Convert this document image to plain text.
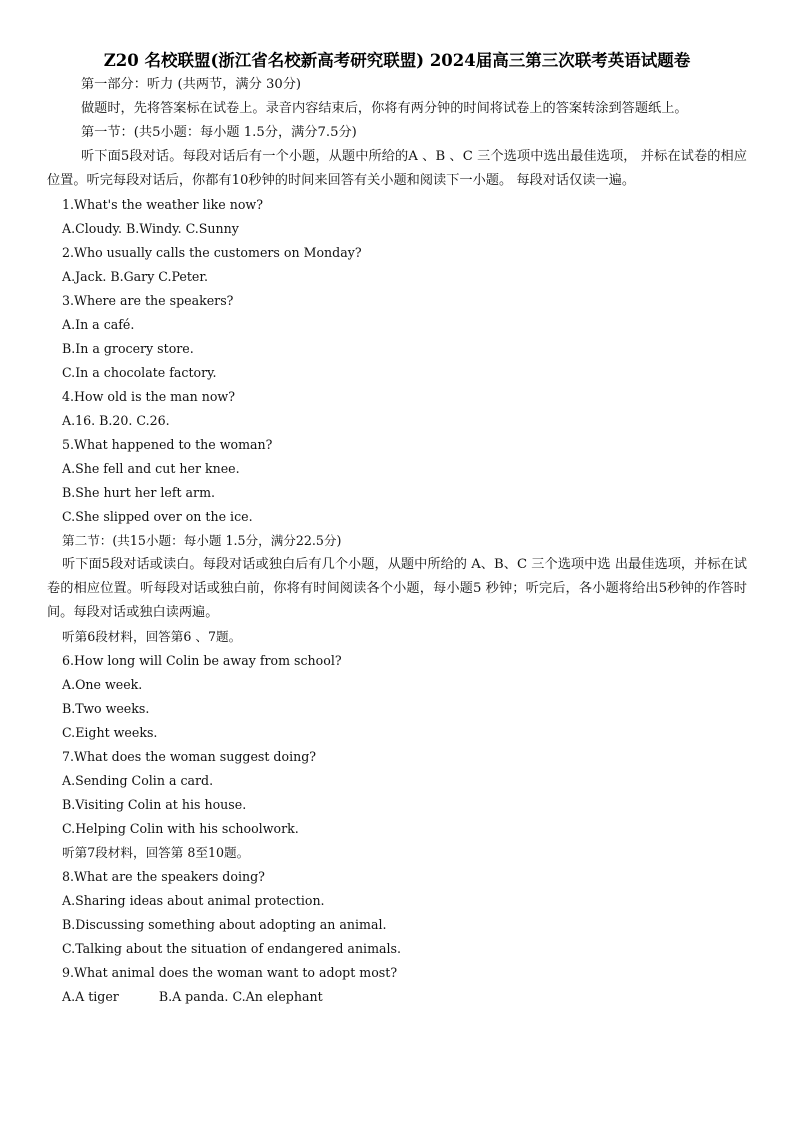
Z20 名校联盟(浙江省名校新高考研究联盟) 2024届高三第三次联考英语试题卷

第一部分：听力 (共两节，满分 30分)

做题时，先将答案标在试卷上。录音内容结束后，你将有两分钟的时间将试卷上的答案转涂到答题纸上。

第一节：(共5小题：每小题 1.5分，满分7.5分)

听下面5段对话。每段对话后有一个小题，从题中所给的A 、B 、C 三个选项中选出最佳选项， 并标在试卷的相应位置。听完每段对话后，你都有10秒钟的时间来回答有关小题和阅读下一小题。 每段对话仅读一遍。

1.What's the weather like now?

A.Cloudy. B.Windy. C.Sunny

2.Who usually calls the customers on Monday?

A.Jack. B.Gary C.Peter.

3.Where are the speakers?

A.In a café.

B.In a grocery store.

C.In a chocolate factory.

4.How old is the man now?

A.16. B.20. C.26.

5.What happened to the woman?

A.She fell and cut her knee.

B.She hurt her left arm.

C.She slipped over on the ice.

第二节：(共15小题：每小题 1.5分，满分22.5分)

听下面5段对话或读白。每段对话或独白后有几个小题，从题中所给的 A、B、C 三个选项中选 出最佳选项，并标在试卷的相应位置。听每段对话或独白前，你将有时间阅读各个小题，每小题5 秒钟；听完后，各小题将给出5秒钟的作答时间。每段对话或独白读两遍。

听第6段材料，回答第6 、7题。

6.How long will Colin be away from school?

A.One week.

B.Two weeks.

C.Eight weeks.

7.What does the woman suggest doing?

A.Sending Colin a card.

B.Visiting Colin at his house.

C.Helping Colin with his schoolwork.

听第7段材料，回答第 8至10题。

8.What are the speakers doing?

A.Sharing ideas about animal protection.

B.Discussing something about adopting an animal.

C.Talking about the situation of endangered animals.

9.What animal does the woman want to adopt most?

A.A tiger	B.A panda. C.An elephant
